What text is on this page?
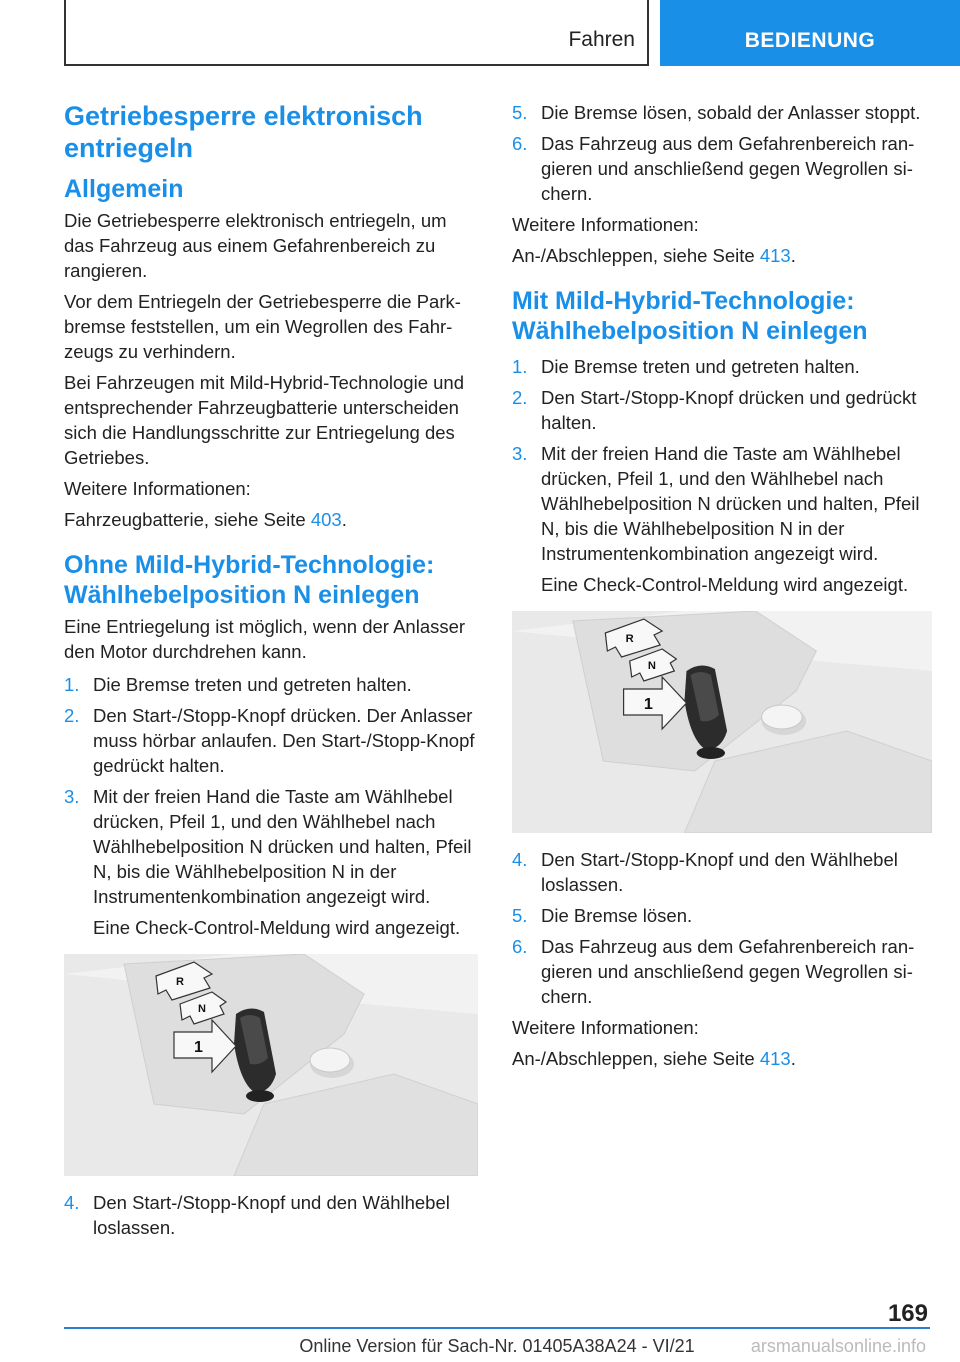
Fahren	BEDIENUNG
Getriebesperre elektronisch entriegeln
Allgemein

Die Getriebesperre elektronisch entriegeln, um das Fahrzeug aus einem Gefahrenbereich zu rangieren.

Vor dem Entriegeln der Getriebesperre die Parkbremse feststellen, um ein Wegrollen des Fahrzeugs zu verhindern.

Bei Fahrzeugen mit Mild-Hybrid-Technologie und entsprechender Fahrzeugbatterie unterscheiden sich die Handlungsschritte zur Entriegelung des Getriebes.

Weitere Informationen:

Fahrzeugbatterie, siehe Seite 403.

Ohne Mild-Hybrid-Technologie: Wählhebelposition N einlegen

Eine Entriegelung ist möglich, wenn der Anlasser den Motor durchdrehen kann.

1. Die Bremse treten und getreten halten.
2. Den Start-/Stopp-Knopf drücken. Der Anlasser muss hörbar anlaufen. Den Start-/Stopp-Knopf gedrückt halten.
3. Mit der freien Hand die Taste am Wählhebel drücken, Pfeil 1, und den Wählhebel nach Wählhebelposition N drücken und halten, Pfeil N, bis die Wählhebelposition N in der Instrumentenkombination angezeigt wird.
Eine Check-Control-Meldung wird angezeigt.
R
N
1
4. Den Start-/Stopp-Knopf und den Wählhebel loslassen.
5. Die Bremse lösen, sobald der Anlasser stoppt.
6. Das Fahrzeug aus dem Gefahrenbereich rangieren und anschließend gegen Wegrollen sichern.

Weitere Informationen:

An-/Abschleppen, siehe Seite 413.

Mit Mild-Hybrid-Technologie: Wählhebelposition N einlegen
1. Die Bremse treten und getreten halten.
2. Den Start-/Stopp-Knopf drücken und gedrückt halten.
3. Mit der freien Hand die Taste am Wählhebel drücken, Pfeil 1, und den Wählhebel nach Wählhebelposition N drücken und halten, Pfeil N, bis die Wählhebelposition N in der Instrumentenkombination angezeigt wird.
Eine Check-Control-Meldung wird angezeigt.
R
N
1
4. Den Start-/Stopp-Knopf und den Wählhebel loslassen.
5. Die Bremse lösen.
6. Das Fahrzeug aus dem Gefahrenbereich rangieren und anschließend gegen Wegrollen sichern.

Weitere Informationen:

An-/Abschleppen, siehe Seite 413.

169
Online Version für Sach-Nr. 01405A38A24 - VI/21	arsmanualsonline.info
